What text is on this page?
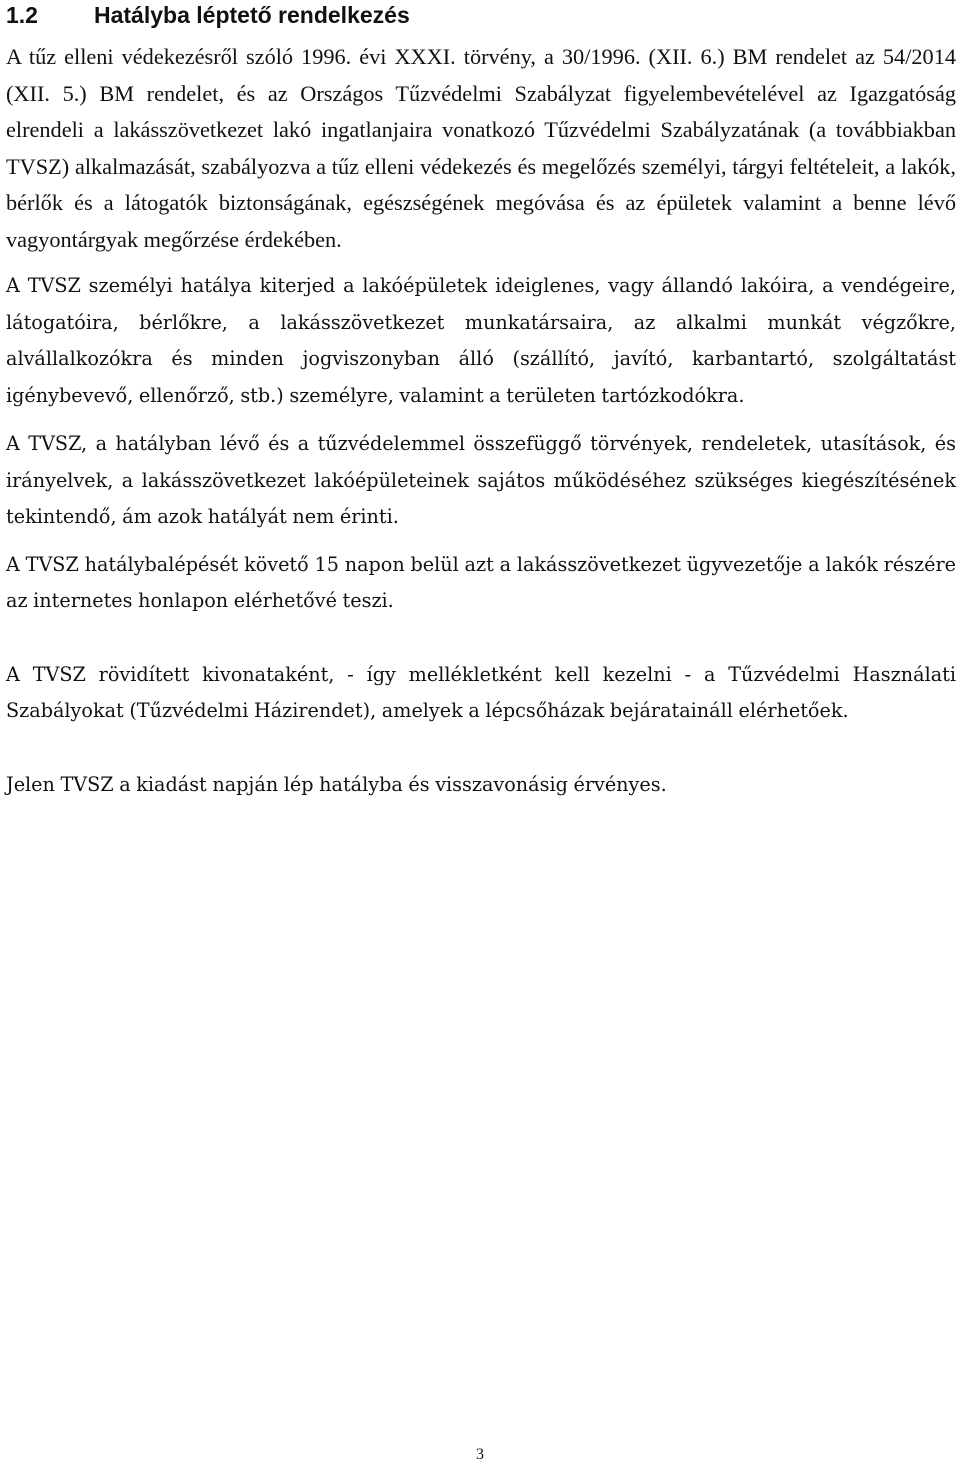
1.2 Hatályba léptető rendelkezés

A tűz elleni védekezésről szóló 1996. évi XXXI. törvény, a 30/1996. (XII. 6.) BM rendelet az 54/2014 (XII. 5.) BM rendelet, és az Országos Tűzvédelmi Szabályzat figyelembevételével az Igazgatóság elrendeli a lakásszövetkezet lakó ingatlanjaira vonatkozó Tűzvédelmi Szabályzatának (a továbbiakban TVSZ) alkalmazását, szabályozva a tűz elleni védekezés és megelőzés személyi, tárgyi feltételeit, a lakók, bérlők és a látogatók biztonságának, egészségének megóvása és az épületek valamint a benne lévő vagyontárgyak megőrzése érdekében.

A TVSZ személyi hatálya kiterjed a lakóépületek ideiglenes, vagy állandó lakóira, a vendégeire, látogatóira, bérlőkre, a lakásszövetkezet munkatársaira, az alkalmi munkát végzőkre, alvállalkozókra és minden jogviszonyban álló (szállító, javító, karbantartó, szolgáltatást igénybevevő, ellenőrző, stb.) személyre, valamint a területen tartózkodókra.

A TVSZ, a hatályban lévő és a tűzvédelemmel összefüggő törvények, rendeletek, utasítások, és irányelvek, a lakásszövetkezet lakóépületeinek sajátos működéséhez szükséges kiegészítésének tekintendő, ám azok hatályát nem érinti.

A TVSZ hatálybalépését követő 15 napon belül azt a lakásszövetkezet ügyvezetője a lakók részére az internetes honlapon elérhetővé teszi.

A TVSZ rövidített kivonataként, - így mellékletként kell kezelni - a Tűzvédelmi Használati Szabályokat (Tűzvédelmi Házirendet), amelyek a lépcsőházak bejárataináll elérhetőek.

Jelen TVSZ a kiadást napján lép hatályba és visszavonásig érvényes.

3
